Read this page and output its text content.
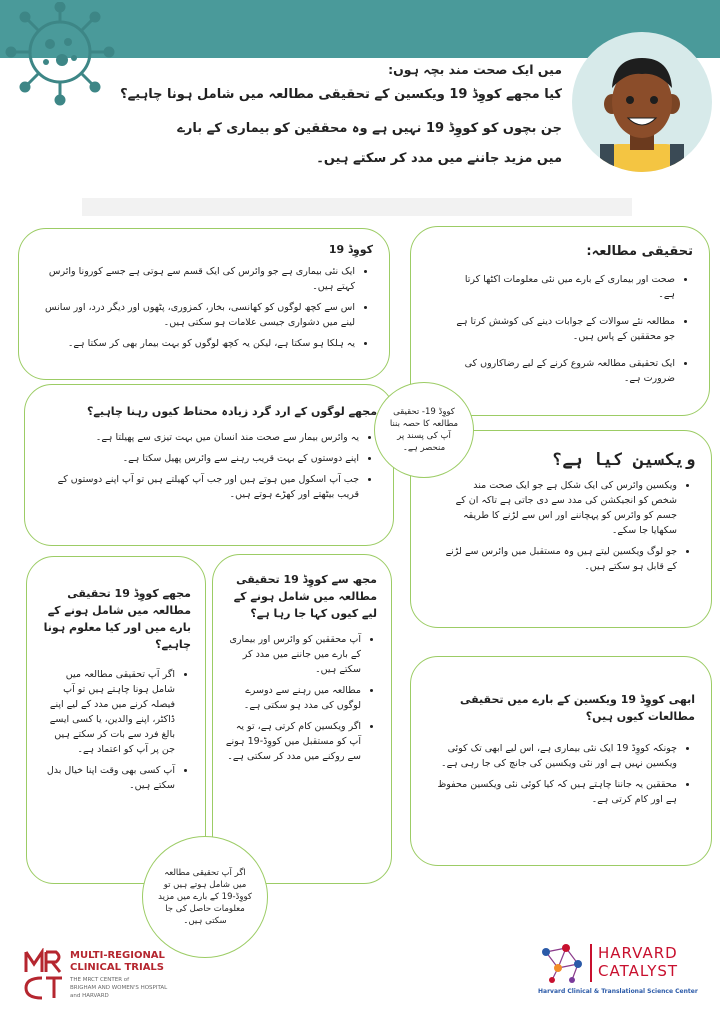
میں ایک صحت مند بچہ ہوں:

کیا مجھے کووِڈ 19 ویکسین کے تحقیقی مطالعہ میں شامل ہونا چاہیے؟

جن بچوں کو کووِڈ 19 نہیں ہے وہ محققین کو بیماری کے بارے

میں مزید جاننے میں مدد کر سکتے ہیں۔

کووِڈ 19
• ایک نئی بیماری ہے جو وائرس کی ایک قسم سے ہوتی ہے جسے کورونا وائرس کہتے ہیں۔
• اس سے کچھ لوگوں کو کھانسی، بخار، کمزوری، پٹھوں اور دیگر درد، اور سانس لینے میں دشواری جیسی علامات ہو سکتی ہیں۔
• یہ ہلکا ہو سکتا ہے، لیکن یہ کچھ لوگوں کو بہت بیمار بھی کر سکتا ہے۔
تحقیقی مطالعہ:
• صحت اور بیماری کے بارے میں نئی معلومات اکٹھا کرتا ہے۔
• مطالعہ نئے سوالات کے جوابات دینے کی کوشش کرتا ہے جو محققین کے پاس ہیں۔
• ایک تحقیقی مطالعہ شروع کرنے کے لیے رضاکاروں کی ضرورت ہے۔
مجھے لوگوں کے ارد گرد زیادہ محتاط کیوں رہنا چاہیے؟
• یہ وائرس بیمار سے صحت مند انسان میں بہت تیزی سے پھیلتا ہے۔
• اپنے دوستوں کے بہت قریب رہنے سے وائرس پھیل سکتا ہے۔
• جب آپ اسکول میں ہوتے ہیں اور جب آپ کھیلتے ہیں تو آپ اپنے دوستوں کے قریب بیٹھتے اور کھڑے ہوتے ہیں۔
ویکسین کیا ہے؟
• ویکسین وائرس کی ایک شکل ہے جو ایک صحت مند شخص کو انجیکشن کی مدد سے دی جاتی ہے تاکہ ان کے جسم کو وائرس کو پہچاننے اور اس سے لڑنے کا طریقہ سکھایا جا سکے۔
• جو لوگ ویکسین لیتے ہیں وہ مستقبل میں وائرس سے لڑنے کے قابل ہو سکتے ہیں۔
کووِڈ 19- تحقیقی مطالعہ کا حصہ بننا آپ کی پسند پر منحصر ہے۔
مجھے کووِڈ 19 تحقیقی مطالعہ میں شامل ہونے کے بارے میں اور کیا معلوم ہونا چاہیے؟
• اگر آپ تحقیقی مطالعہ میں شامل ہونا چاہتے ہیں تو آپ فیصلہ کرنے میں مدد کے لیے اپنے ڈاکٹر، اپنے والدین، یا کسی ایسے بالغ فرد سے بات کر سکتے ہیں جن پر آپ کو اعتماد ہے۔
• آپ کسی بھی وقت اپنا خیال بدل سکتے ہیں۔
مجھ سے کووِڈ 19 تحقیقی مطالعہ میں شامل ہونے کے لیے کیوں کہا جا رہا ہے؟
• آپ محققین کو وائرس اور بیماری کے بارے میں جاننے میں مدد کر سکتے ہیں۔
• مطالعہ میں رہنے سے دوسرے لوگوں کی مدد ہو سکتی ہے۔
• اگر ویکسین کام کرتی ہے، تو یہ آپ کو مستقبل میں کووِڈ-19 ہونے سے روکنے میں مدد کر سکتی ہے۔
ابھی کووِڈ 19 ویکسین کے بارے میں تحقیقی مطالعات کیوں ہیں؟
• چونکہ کووِڈ 19 ایک نئی بیماری ہے، اس لیے ابھی تک کوئی ویکسین نہیں ہے اور نئی ویکسین کی جانچ کی جا رہی ہے۔
• محققین یہ جاننا چاہتے ہیں کہ کیا کوئی نئی ویکسین محفوظ ہے اور کام کرتی ہے۔
اگر آپ تحقیقی مطالعہ میں شامل ہوتے ہیں تو کووِڈ-19 کے بارے میں مزید معلومات حاصل کی جا سکتی ہیں۔
MULTI-REGIONAL
CLINICAL TRIALS
THE MRCT CENTER of
BRIGHAM AND WOMEN'S HOSPITAL
and HARVARD
HARVARD
CATALYST
Harvard Clinical & Translational Science Center
